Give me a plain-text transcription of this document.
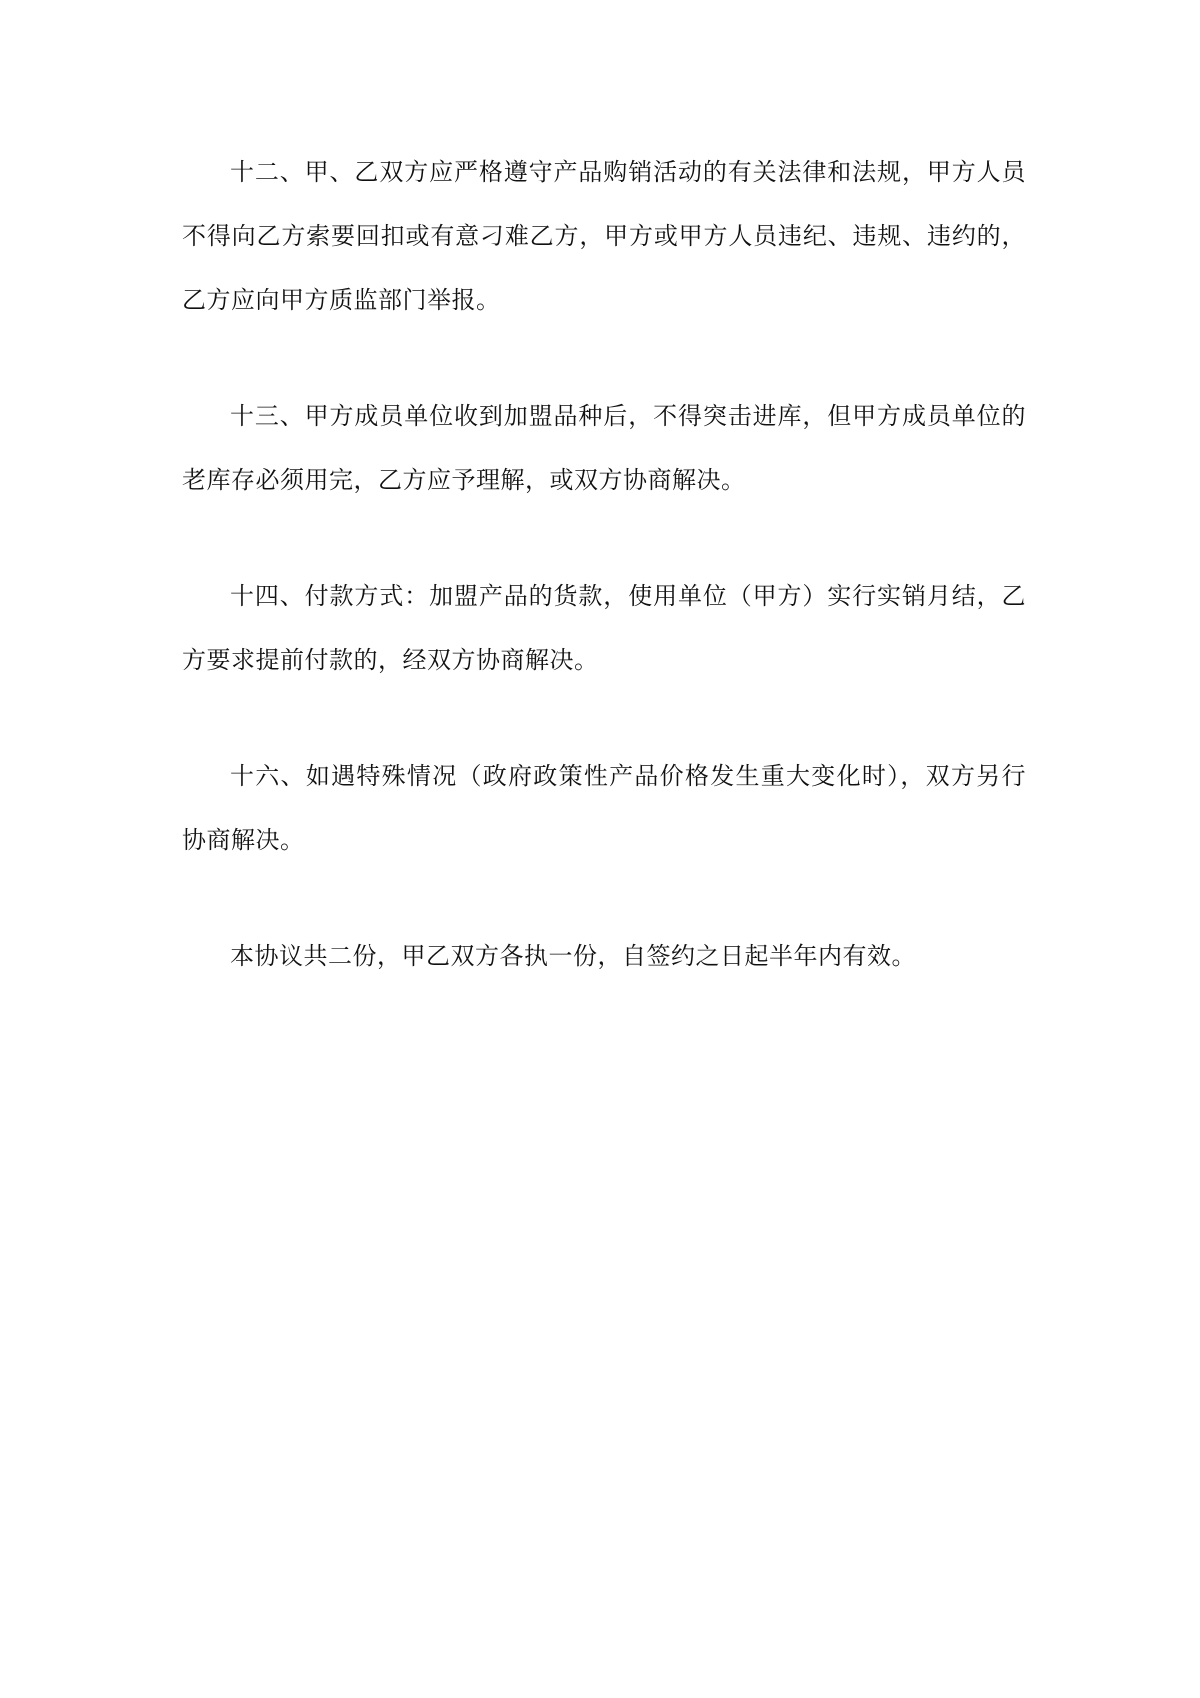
十二、甲、乙双方应严格遵守产品购销活动的有关法律和法规，甲方人员不得向乙方索要回扣或有意刁难乙方，甲方或甲方人员违纪、违规、违约的，乙方应向甲方质监部门举报。

十三、甲方成员单位收到加盟品种后，不得突击进库，但甲方成员单位的老库存必须用完，乙方应予理解，或双方协商解决。

十四、付款方式：加盟产品的货款，使用单位（甲方）实行实销月结，乙方要求提前付款的，经双方协商解决。

十六、如遇特殊情况（政府政策性产品价格发生重大变化时），双方另行协商解决。

本协议共二份，甲乙双方各执一份，自签约之日起半年内有效。
